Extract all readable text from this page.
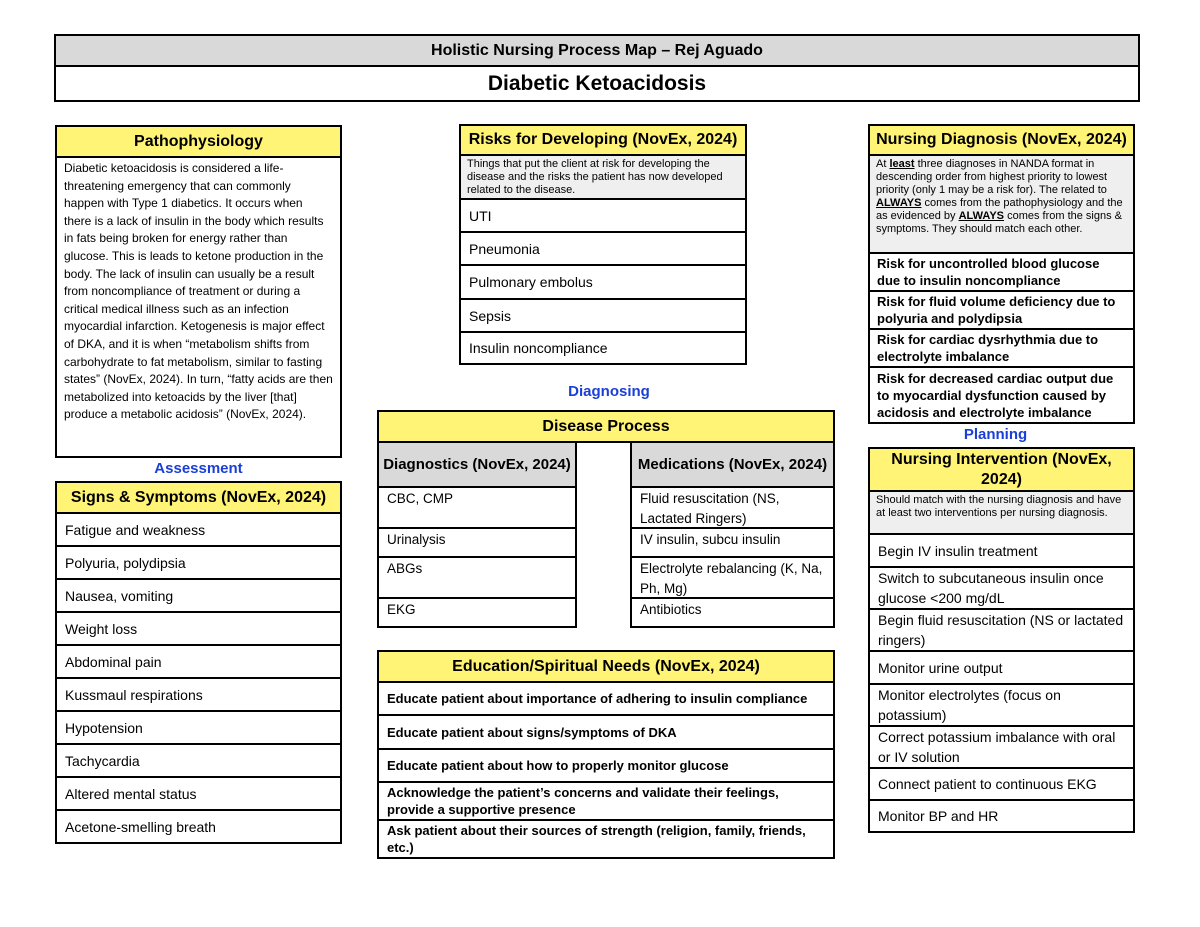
Holistic Nursing Process Map – Rej Aguado
Diabetic Ketoacidosis
Pathophysiology
Diabetic ketoacidosis is considered a life-threatening emergency that can commonly happen with Type 1 diabetics. It occurs when there is a lack of insulin in the body which results in fats being broken for energy rather than glucose. This is leads to ketone production in the body. The lack of insulin can usually be a result from noncompliance of treatment or during a critical medical illness such as an infection myocardial infarction. Ketogenesis is major effect of DKA, and it is when “metabolism shifts from carbohydrate to fat metabolism, similar to fasting states” (NovEx, 2024). In turn, “fatty acids are then metabolized into ketoacids by the liver [that] produce a metabolic acidosis” (NovEx, 2024).
Assessment
Signs & Symptoms (NovEx, 2024)
Fatigue and weakness
Polyuria, polydipsia
Nausea, vomiting
Weight loss
Abdominal pain
Kussmaul respirations
Hypotension
Tachycardia
Altered mental status
Acetone-smelling breath
Risks for Developing (NovEx, 2024)
Things that put the client at risk for developing the disease and the risks the patient has now developed related to the disease.
UTI
Pneumonia
Pulmonary embolus
Sepsis
Insulin noncompliance
Diagnosing
Disease Process
Diagnostics (NovEx, 2024)
CBC, CMP
Urinalysis
ABGs
EKG
Medications (NovEx, 2024)
Fluid resuscitation (NS, Lactated Ringers)
IV insulin, subcu insulin
Electrolyte rebalancing (K, Na, Ph, Mg)
Antibiotics
Education/Spiritual Needs (NovEx, 2024)
Educate patient about importance of adhering to insulin compliance
Educate patient about signs/symptoms of DKA
Educate patient about how to properly monitor glucose
Acknowledge the patient’s concerns and validate their feelings, provide a supportive presence
Ask patient about their sources of strength (religion, family, friends, etc.)
Nursing Diagnosis (NovEx, 2024)
At least three diagnoses in NANDA format in descending order from highest priority to lowest priority (only 1 may be a risk for). The related to ALWAYS comes from the pathophysiology and the as evidenced by ALWAYS comes from the signs & symptoms. They should match each other.
Risk for uncontrolled blood glucose due to insulin noncompliance
Risk for fluid volume deficiency due to polyuria and polydipsia
Risk for cardiac dysrhythmia due to electrolyte imbalance
Risk for decreased cardiac output due to myocardial dysfunction caused by acidosis and electrolyte imbalance
Planning
Nursing Intervention (NovEx, 2024)
Should match with the nursing diagnosis and have at least two interventions per nursing diagnosis.
Begin IV insulin treatment
Switch to subcutaneous insulin once glucose <200 mg/dL
Begin fluid resuscitation (NS or lactated ringers)
Monitor urine output
Monitor electrolytes (focus on potassium)
Correct potassium imbalance with oral or IV solution
Connect patient to continuous EKG
Monitor BP and HR
